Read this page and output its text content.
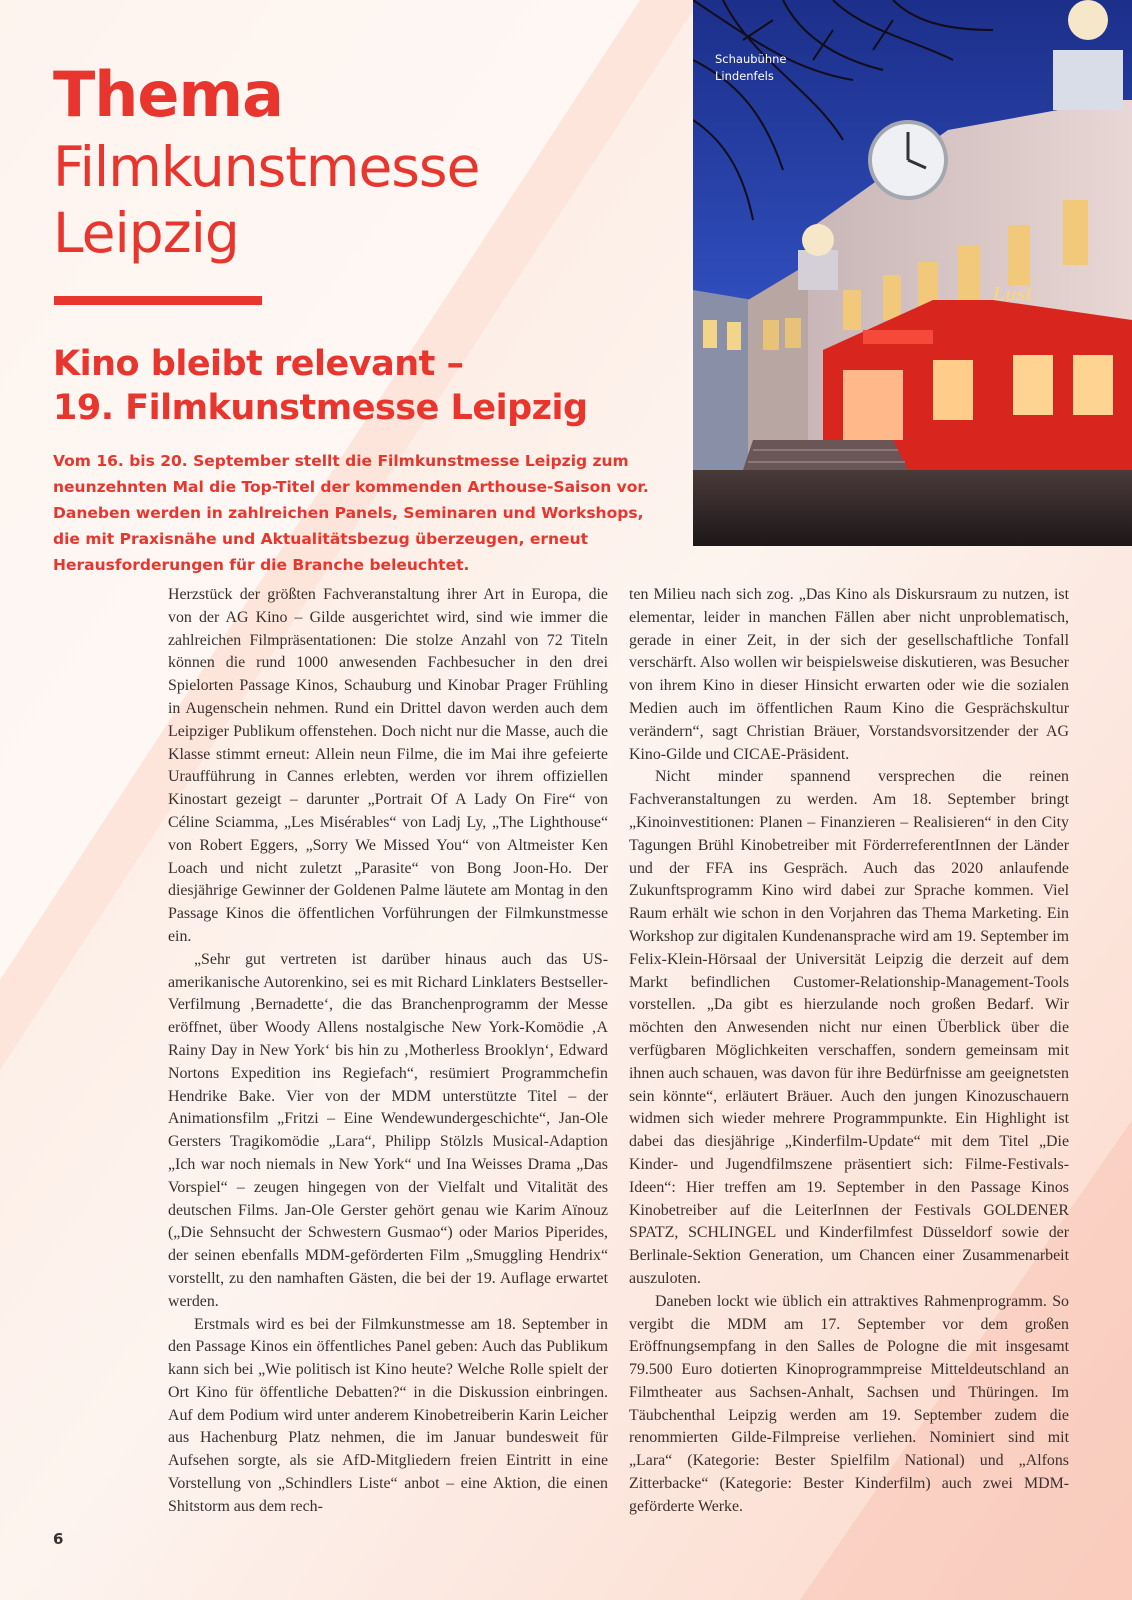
Thema
Filmkunstmesse
Leipzig
Kino bleibt relevant –
19. Filmkunstmesse Leipzig

Vom 16. bis 20. September stellt die Filmkunstmesse Leipzig zum neunzehnten Mal die Top-Titel der kommenden Arthouse-Saison vor. Daneben werden in zahlreichen Panels, Seminaren und Workshops, die mit Praxisnähe und Aktualitätsbezug überzeugen, erneut Herausforderungen für die Branche beleuchtet.

Lust
Schaubühne
Lindenfels

Herzstück der größten Fachveranstaltung ihrer Art in Europa, die von der AG Kino – Gilde ausgerichtet wird, sind wie immer die zahlreichen Filmpräsentationen: Die stolze Anzahl von 72 Titeln können die rund 1000 anwesenden Fachbesucher in den drei Spielorten Passage Kinos, Schauburg und Kinobar Prager Frühling in Augenschein nehmen. Rund ein Drittel davon werden auch dem Leipziger Publikum offenstehen. Doch nicht nur die Masse, auch die Klasse stimmt erneut: Allein neun Filme, die im Mai ihre gefeierte Uraufführung in Cannes erlebten, werden vor ihrem offiziellen Kinostart gezeigt – darunter „Portrait Of A Lady On Fire“ von Céline Sciamma, „Les Misérables“ von Ladj Ly, „The Lighthouse“ von Robert Eggers, „Sorry We Missed You“ von Altmeister Ken Loach und nicht zuletzt „Parasite“ von Bong Joon-Ho. Der diesjährige Gewinner der Goldenen Palme läutete am Montag in den Passage Kinos die öffentlichen Vorführungen der Filmkunstmesse ein.

„Sehr gut vertreten ist darüber hinaus auch das US-amerikanische Autorenkino, sei es mit Richard Linklaters Bestseller-Verfilmung ‚Bernadette‘, die das Branchenprogramm der Messe eröffnet, über Woody Allens nostalgische New York-Komödie ‚A Rainy Day in New York‘ bis hin zu ‚Motherless Brooklyn‘, Edward Nortons Expedition ins Regiefach“, resümiert Programmchefin Hendrike Bake. Vier von der MDM unterstützte Titel – der Animationsfilm „Fritzi – Eine Wendewundergeschichte“, Jan-Ole Gersters Tragikomödie „Lara“, Philipp Stölzls Musical-Adaption „Ich war noch niemals in New York“ und Ina Weisses Drama „Das Vorspiel“ – zeugen hingegen von der Vielfalt und Vitalität des deutschen Films. Jan-Ole Gerster gehört genau wie Karim Aïnouz („Die Sehnsucht der Schwestern Gusmao“) oder Marios Piperides, der seinen ebenfalls MDM-geförderten Film „Smuggling Hendrix“ vorstellt, zu den namhaften Gästen, die bei der 19. Auflage erwartet werden.

Erstmals wird es bei der Filmkunstmesse am 18. September in den Passage Kinos ein öffentliches Panel geben: Auch das Publikum kann sich bei „Wie politisch ist Kino heute? Welche Rolle spielt der Ort Kino für öffentliche Debatten?“ in die Diskussion einbringen. Auf dem Podium wird unter anderem Kinobetreiberin Karin Leicher aus Hachenburg Platz nehmen, die im Januar bundesweit für Aufsehen sorgte, als sie AfD-Mitgliedern freien Eintritt in eine Vorstellung von „Schindlers Liste“ anbot – eine Aktion, die einen Shitstorm aus dem rech-

ten Milieu nach sich zog. „Das Kino als Diskursraum zu nutzen, ist elementar, leider in manchen Fällen aber nicht unproblematisch, gerade in einer Zeit, in der sich der gesellschaftliche Tonfall verschärft. Also wollen wir beispielsweise diskutieren, was Besucher von ihrem Kino in dieser Hinsicht erwarten oder wie die sozialen Medien auch im öffentlichen Raum Kino die Gesprächskultur verändern“, sagt Christian Bräuer, Vorstandsvorsitzender der AG Kino-Gilde und CICAE-Präsident.

Nicht minder spannend versprechen die reinen Fachveranstaltungen zu werden. Am 18. September bringt „Kinoinvestitionen: Planen – Finanzieren – Realisieren“ in den City Tagungen Brühl Kinobetreiber mit FörderreferentInnen der Länder und der FFA ins Gespräch. Auch das 2020 anlaufende Zukunftsprogramm Kino wird dabei zur Sprache kommen. Viel Raum erhält wie schon in den Vorjahren das Thema Marketing. Ein Workshop zur digitalen Kundenansprache wird am 19. September im Felix-Klein-Hörsaal der Universität Leipzig die derzeit auf dem Markt befindlichen Customer-Relationship-Management-Tools vorstellen. „Da gibt es hierzulande noch großen Bedarf. Wir möchten den Anwesenden nicht nur einen Überblick über die verfügbaren Möglichkeiten verschaffen, sondern gemeinsam mit ihnen auch schauen, was davon für ihre Bedürfnisse am geeignetsten sein könnte“, erläutert Bräuer. Auch den jungen Kinozuschauern widmen sich wieder mehrere Programmpunkte. Ein Highlight ist dabei das diesjährige „Kinderfilm-Update“ mit dem Titel „Die Kinder- und Jugendfilmszene präsentiert sich: Filme-Festivals-Ideen“: Hier treffen am 19. September in den Passage Kinos Kinobetreiber auf die LeiterInnen der Festivals GOLDENER SPATZ, SCHLINGEL und Kinderfilmfest Düsseldorf sowie der Berlinale-Sektion Generation, um Chancen einer Zusammenarbeit auszuloten.

Daneben lockt wie üblich ein attraktives Rahmenprogramm. So vergibt die MDM am 17. September vor dem großen Eröffnungsempfang in den Salles de Pologne die mit insgesamt 79.500 Euro dotierten Kinoprogrammpreise Mitteldeutschland an Filmtheater aus Sachsen-Anhalt, Sachsen und Thüringen. Im Täubchenthal Leipzig werden am 19. September zudem die renommierten Gilde-Filmpreise verliehen. Nominiert sind mit „Lara“ (Kategorie: Bester Spielfilm National) und „Alfons Zitterbacke“ (Kategorie: Bester Kinderfilm) auch zwei MDM-geförderte Werke.

6
